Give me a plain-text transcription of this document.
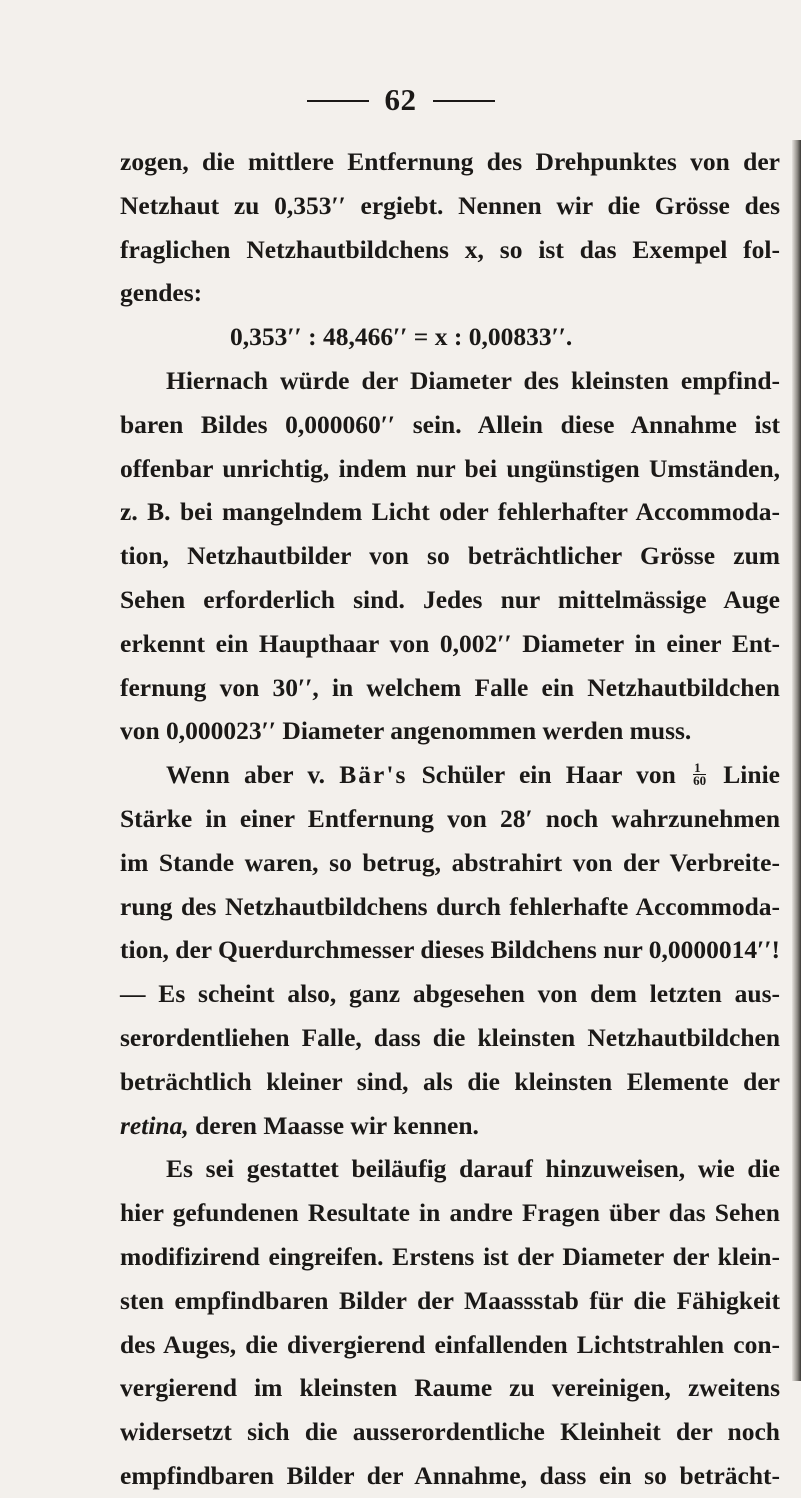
62
zogen, die mittlere Entfernung des Drehpunktes von der
Netzhaut zu 0,353′′ ergiebt. Nennen wir die Grösse des
fraglichen Netzhautbildchens x, so ist das Exempel fol-
gendes:
0,353′′ : 48,466′′ = x : 0,00833′′.
Hiernach würde der Diameter des kleinsten empfind-
baren Bildes 0,000060′′ sein. Allein diese Annahme ist
offenbar unrichtig, indem nur bei ungünstigen Umständen,
z. B. bei mangelndem Licht oder fehlerhafter Accommoda-
tion, Netzhautbilder von so beträchtlicher Grösse zum
Sehen erforderlich sind. Jedes nur mittelmässige Auge
erkennt ein Haupthaar von 0,002′′ Diameter in einer Ent-
fernung von 30′′, in welchem Falle ein Netzhautbildchen
von 0,000023′′ Diameter angenommen werden muss.
Wenn aber v. Bär's Schüler ein Haar von $\frac{1}{60}$ Linie
Stärke in einer Entfernung von 28′ noch wahrzunehmen
im Stande waren, so betrug, abstrahirt von der Verbreite-
rung des Netzhautbildchens durch fehlerhafte Accommoda-
tion, der Querdurchmesser dieses Bildchens nur 0,0000014′′!
— Es scheint also, ganz abgesehen von dem letzten aus-
serordentliehen Falle, dass die kleinsten Netzhautbildchen
beträchtlich kleiner sind, als die kleinsten Elemente der
retina, deren Maasse wir kennen.
Es sei gestattet beiläufig darauf hinzuweisen, wie die
hier gefundenen Resultate in andre Fragen über das Sehen
modifizirend eingreifen. Erstens ist der Diameter der klein-
sten empfindbaren Bilder der Maassstab für die Fähigkeit
des Auges, die divergierend einfallenden Lichtstrahlen con-
vergierend im kleinsten Raume zu vereinigen, zweitens
widersetzt sich die ausserordentliche Kleinheit der noch
empfindbaren Bilder der Annahme, dass ein so beträcht-
